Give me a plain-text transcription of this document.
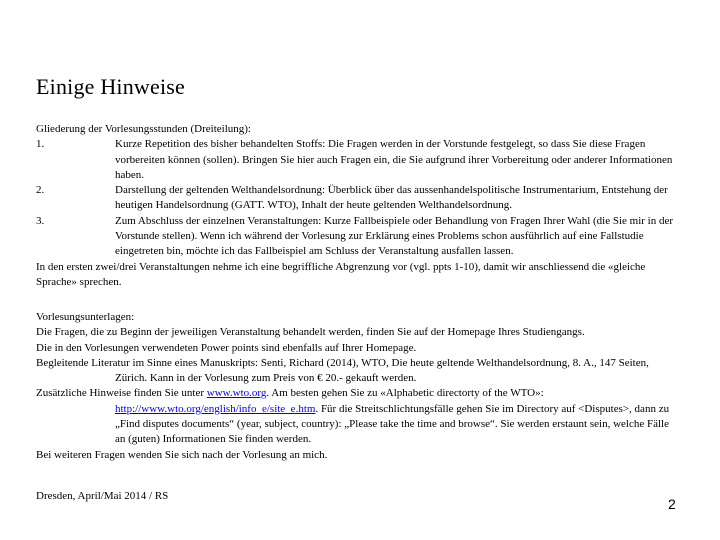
Einige Hinweise

Gliederung der Vorlesungsstunden (Dreiteilung):

1.	Kurze Repetition des bisher behandelten Stoffs: Die Fragen werden in der Vorstunde festgelegt, so dass Sie diese Fragen vorbereiten können (sollen). Bringen Sie hier auch Fragen ein, die Sie aufgrund ihrer Vorbereitung oder anderer Informationen haben.
2.	Darstellung der geltenden Welthandelsordnung: Überblick über das aussenhandelspolitische Instrumentarium, Entstehung der heutigen Handelsordnung (GATT. WTO), Inhalt der heute geltenden Welthandelsordnung.
3.	Zum Abschluss der einzelnen Veranstaltungen: Kurze Fallbeispiele oder Behandlung von Fragen Ihrer Wahl (die Sie mir in der Vorstunde stellen). Wenn ich während der Vorlesung zur Erklärung eines Problems schon ausführlich auf eine Fallstudie eingetreten bin, möchte ich das Fallbeispiel am Schluss der Veranstaltung ausfallen lassen.

In den ersten zwei/drei Veranstaltungen nehme ich eine begriffliche Abgrenzung vor (vgl. ppts 1-10), damit wir anschliessend die «gleiche Sprache» sprechen.

Vorlesungsunterlagen:

Die Fragen, die zu Beginn der jeweiligen Veranstaltung behandelt werden, finden Sie auf der Homepage Ihres Studiengangs.

Die in den Vorlesungen verwendeten Power points sind ebenfalls auf Ihrer Homepage.

Begleitende Literatur im Sinne eines Manuskripts: Senti, Richard (2014), WTO, Die heute geltende Welthandelsordnung, 8. A., 147 Seiten, Zürich. Kann in der Vorlesung zum Preis von € 20.- gekauft werden.

Zusätzliche Hinweise finden Sie unter www.wto.org. Am besten gehen Sie zu «Alphabetic directorty of the WTO»: http://www.wto.org/english/info_e/site_e.htm. Für die Streitschlichtungsfälle gehen Sie im Directory auf <Disputes>, dann zu „Find disputes documents“ (year, subject, country): „Please take the time and browse“. Sie werden erstaunt sein, welche Fälle an (guten) Informationen Sie finden werden.

Bei weiteren Fragen wenden Sie sich nach der Vorlesung an mich.

Dresden, April/Mai 2014 / RS	2
